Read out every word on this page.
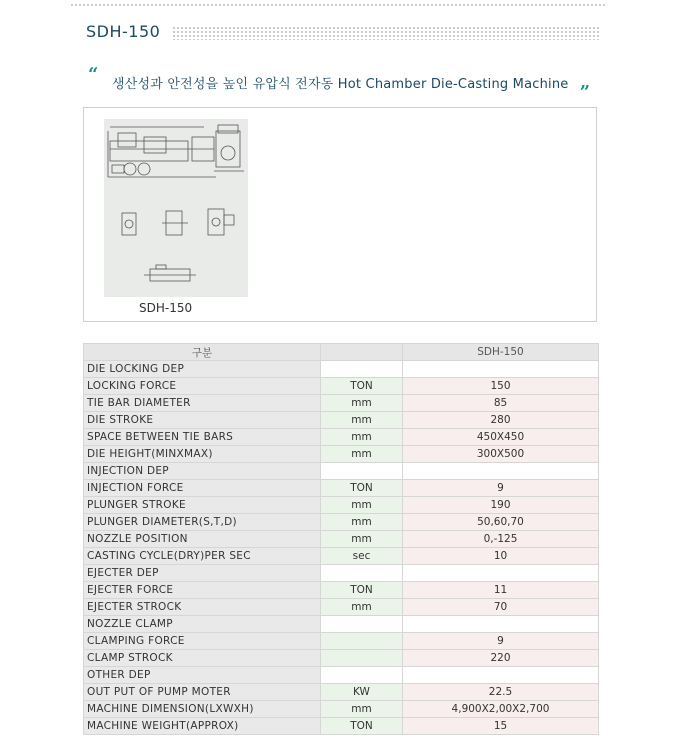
SDH-150
“ 생산성과 안전성을 높인 유압식 전자동 Hot Chamber Die-Casting Machine „
SDH-150
구분		SDH-150
DIE LOCKING DEP		
LOCKING FORCE	TON	150
TIE BAR DIAMETER	mm	85
DIE STROKE	mm	280
SPACE BETWEEN TIE BARS	mm	450X450
DIE HEIGHT(MINXMAX)	mm	300X500
INJECTION DEP		
INJECTION FORCE	TON	9
PLUNGER STROKE	mm	190
PLUNGER DIAMETER(S,T,D)	mm	50,60,70
NOZZLE POSITION	mm	0,-125
CASTING CYCLE(DRY)PER SEC	sec	10
EJECTER DEP		
EJECTER FORCE	TON	11
EJECTER STROCK	mm	70
NOZZLE CLAMP		
CLAMPING FORCE		9
CLAMP STROCK		220
OTHER DEP		
OUT PUT OF PUMP MOTER	KW	22.5
MACHINE DIMENSION(LXWXH)	mm	4,900X2,00X2,700
MACHINE WEIGHT(APPROX)	TON	15
